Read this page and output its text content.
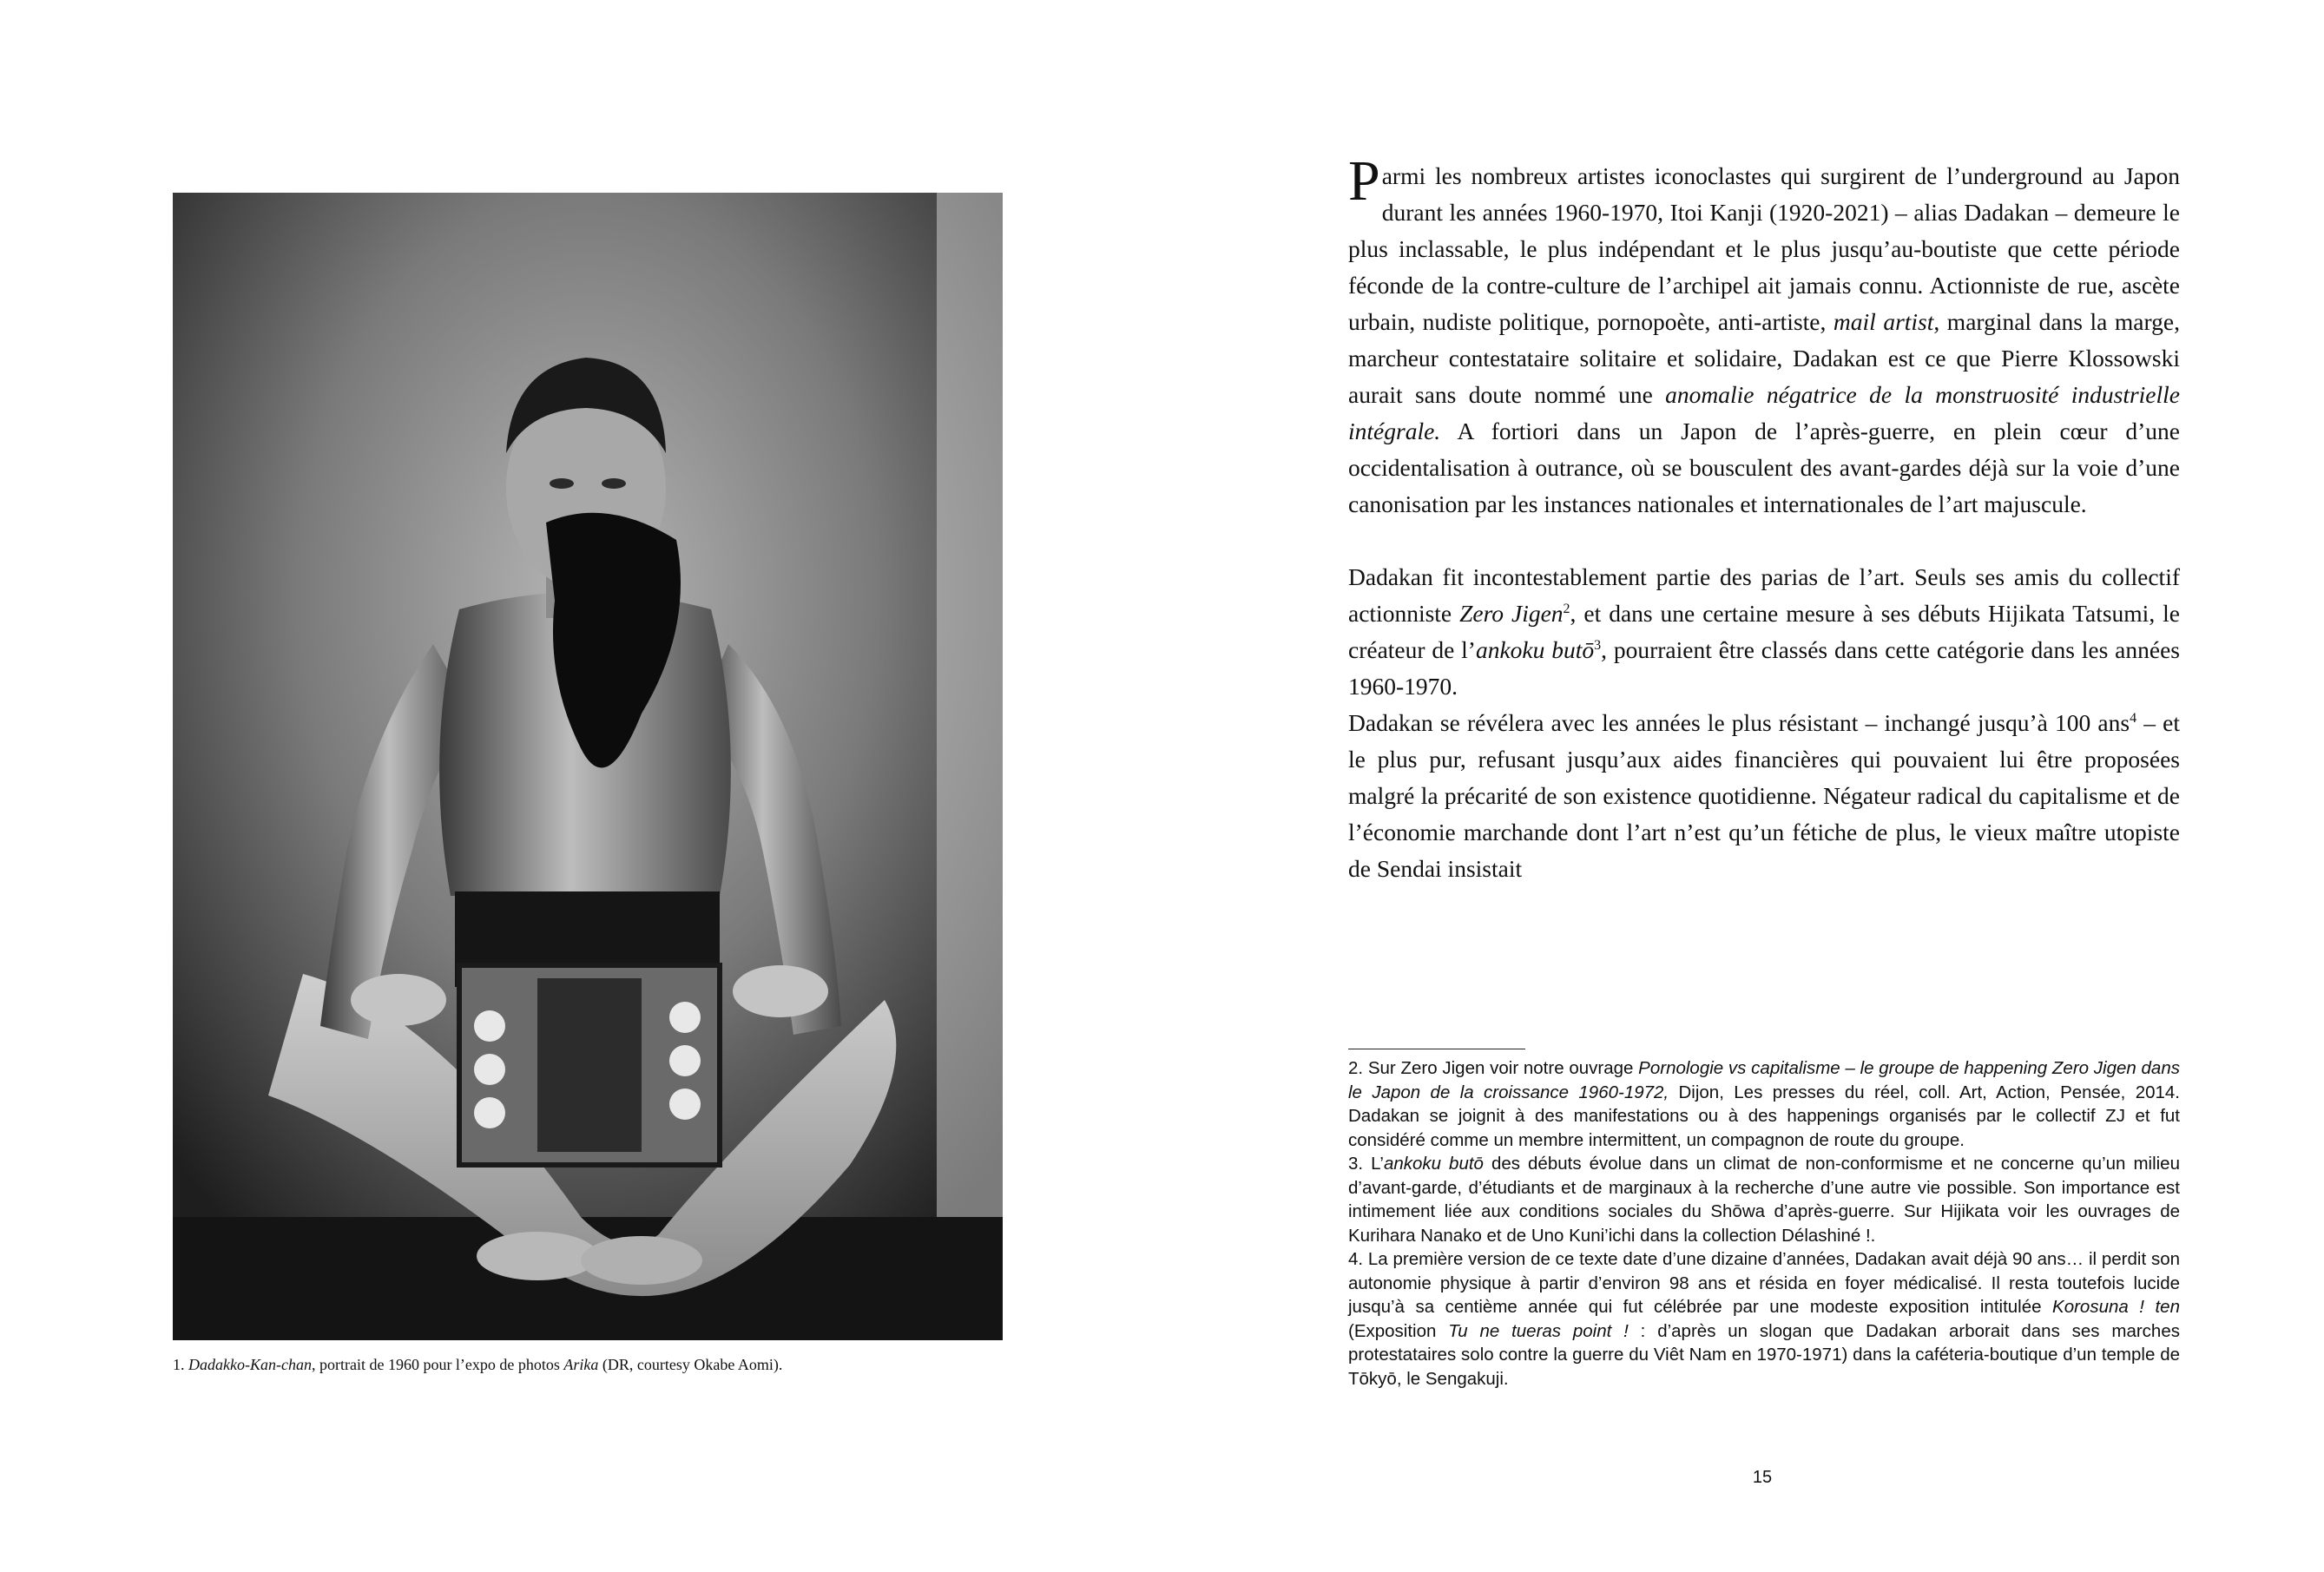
1. Dadakko-Kan-chan, portrait de 1960 pour l’expo de photos Arika (DR, courtesy Okabe Aomi).

Parmi les nombreux artistes iconoclastes qui surgirent de l’underground au Japon durant les années 1960-1970, Itoi Kanji (1920-2021) – alias Dadakan – demeure le plus inclassable, le plus indépendant et le plus jusqu’au-boutiste que cette période féconde de la contre-culture de l’archipel ait jamais connu. Actionniste de rue, ascète urbain, nudiste politique, pornopoète, anti-artiste, mail artist, marginal dans la marge, marcheur contestataire solitaire et solidaire, Dadakan est ce que Pierre Klossowski aurait sans doute nommé une anomalie négatrice de la monstruosité industrielle intégrale. A fortiori dans un Japon de l’après-guerre, en plein cœur d’une occidentalisation à outrance, où se bousculent des avant-gardes déjà sur la voie d’une canonisation par les instances nationales et internationales de l’art majuscule.

Dadakan fit incontestablement partie des parias de l’art. Seuls ses amis du collectif actionniste Zero Jigen$^2$, et dans une certaine mesure à ses débuts Hijikata Tatsumi, le créateur de l’ankoku butō$^3$, pourraient être classés dans cette catégorie dans les années 1960-1970.

Dadakan se révélera avec les années le plus résistant – inchangé jusqu’à 100 ans$^4$ – et le plus pur, refusant jusqu’aux aides financières qui pouvaient lui être proposées malgré la précarité de son existence quotidienne. Négateur radical du capitalisme et de l’économie marchande dont l’art n’est qu’un fétiche de plus, le vieux maître utopiste de Sendai insistait

2. Sur Zero Jigen voir notre ouvrage Pornologie vs capitalisme – le groupe de happening Zero Jigen dans le Japon de la croissance 1960-1972, Dijon, Les presses du réel, coll. Art, Action, Pensée, 2014. Dadakan se joignit à des manifestations ou à des happenings organisés par le collectif ZJ et fut considéré comme un membre intermittent, un compagnon de route du groupe.

3. L’ankoku butō des débuts évolue dans un climat de non-conformisme et ne concerne qu’un milieu d’avant-garde, d’étudiants et de marginaux à la recherche d’une autre vie possible. Son importance est intimement liée aux conditions sociales du Shōwa d’après-guerre. Sur Hijikata voir les ouvrages de Kurihara Nanako et de Uno Kuni’ichi dans la collection Délashiné !.

4. La première version de ce texte date d’une dizaine d’années, Dadakan avait déjà 90 ans… il perdit son autonomie physique à partir d’environ 98 ans et résida en foyer médicalisé. Il resta toutefois lucide jusqu’à sa centième année qui fut célébrée par une modeste exposition intitulée Korosuna ! ten (Exposition Tu ne tueras point ! : d’après un slogan que Dadakan arborait dans ses marches protestataires solo contre la guerre du Viêt Nam en 1970-1971) dans la caféteria-boutique d’un temple de Tōkyō, le Sengakuji.

15
